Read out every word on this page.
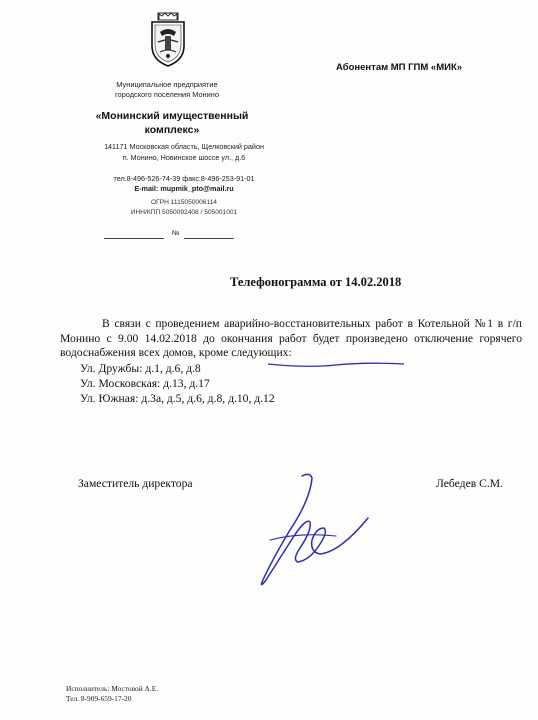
Муниципальное предприятие
городского поселения Монино
«Монинский имущественный
комплекс»
141171 Московская область, Щелковский район
п. Монино, Новинское шоссе ул., д.6
тел.8-496-526-74-39 факс:8-496-253-91-01
E-mail: mupmik_pto@mail.ru
ОГРН 1115050006114
ИНН/КПП 5050092408 / 505001001
№
Абонентам МП ГПМ «МИК»
Телефонограмма от 14.02.2018

В связи с проведением аварийно-восстановительных работ в Котельной №1 в г/п Монино с 9.00 14.02.2018 до окончания работ будет произведено отключение горячего водоснабжения всех домов, кроме следующих:

Ул. Дружбы: д.1, д.6, д.8
Ул. Московская: д.13, д.17
Ул. Южная: д.3а, д.5, д.6, д.8, д.10, д.12
Заместитель директора	Лебедев С.М.
Исполнитель: Мостовой А.Е.
Тел. 8-909-659-17-20
